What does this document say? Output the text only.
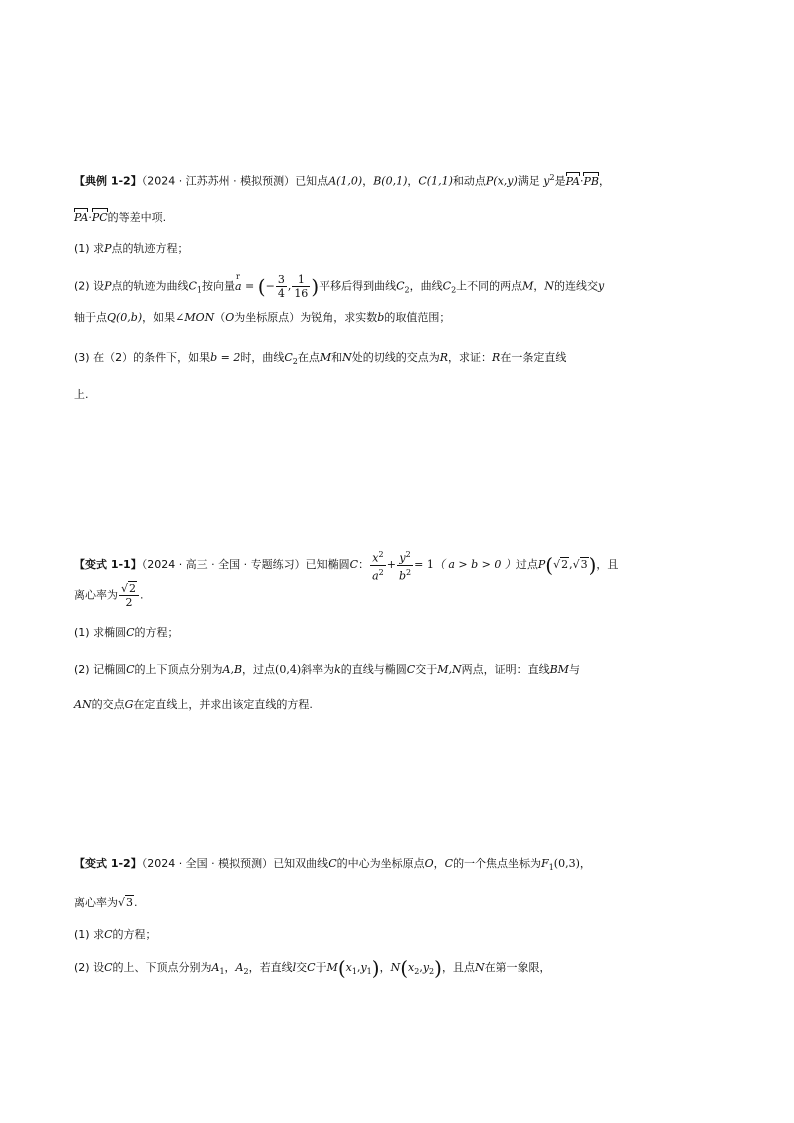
【典例 1-2】（2024 · 江苏苏州 · 模拟预测）已知点A(1,0)，B(0,1)，C(1,1)和动点P(x,y)满足 $y^2$是PA·PB，
PA·PC的等差中项.
(1) 求P点的轨迹方程；
(2) 设P点的轨迹为曲线$C_1$按向量
r
a = (− $\frac{3}{4}$ , $\frac{1}{16}$ )平移后得到曲线$C_2$，曲线$C_2$上不同的两点M，N的连线交y
轴于点Q(0,b)，如果∠MON（O为坐标原点）为锐角，求实数b的取值范围；
(3) 在（2）的条件下，如果b = 2时，曲线$C_2$在点M和N处的切线的交点为R，求证：R在一条定直线
上.
【变式 1-1】（2024 · 高三 · 全国 · 专题练习）已知椭圆C： $\frac{x^2}{a^2} + \frac{y^2}{b^2} = 1$（ a > b > 0 ）过点P(√2,√3)，且
离心率为 $\frac{√2}{2}$ .
(1) 求椭圆C的方程；
(2) 记椭圆C的上下顶点分别为A,B，过点(0,4)斜率为k的直线与椭圆C交于M,N两点，证明：直线BM与
AN的交点G在定直线上，并求出该定直线的方程.
【变式 1-2】（2024 · 全国 · 模拟预测）已知双曲线C的中心为坐标原点O，C的一个焦点坐标为$F_1(0,3)$，
离心率为√3.
(1) 求C的方程；
(2) 设C的上、下顶点分别为$A_1$，$A_2$，若直线l交C于$M(x_1,y_1)$，$N(x_2,y_2)$，且点N在第一象限，
